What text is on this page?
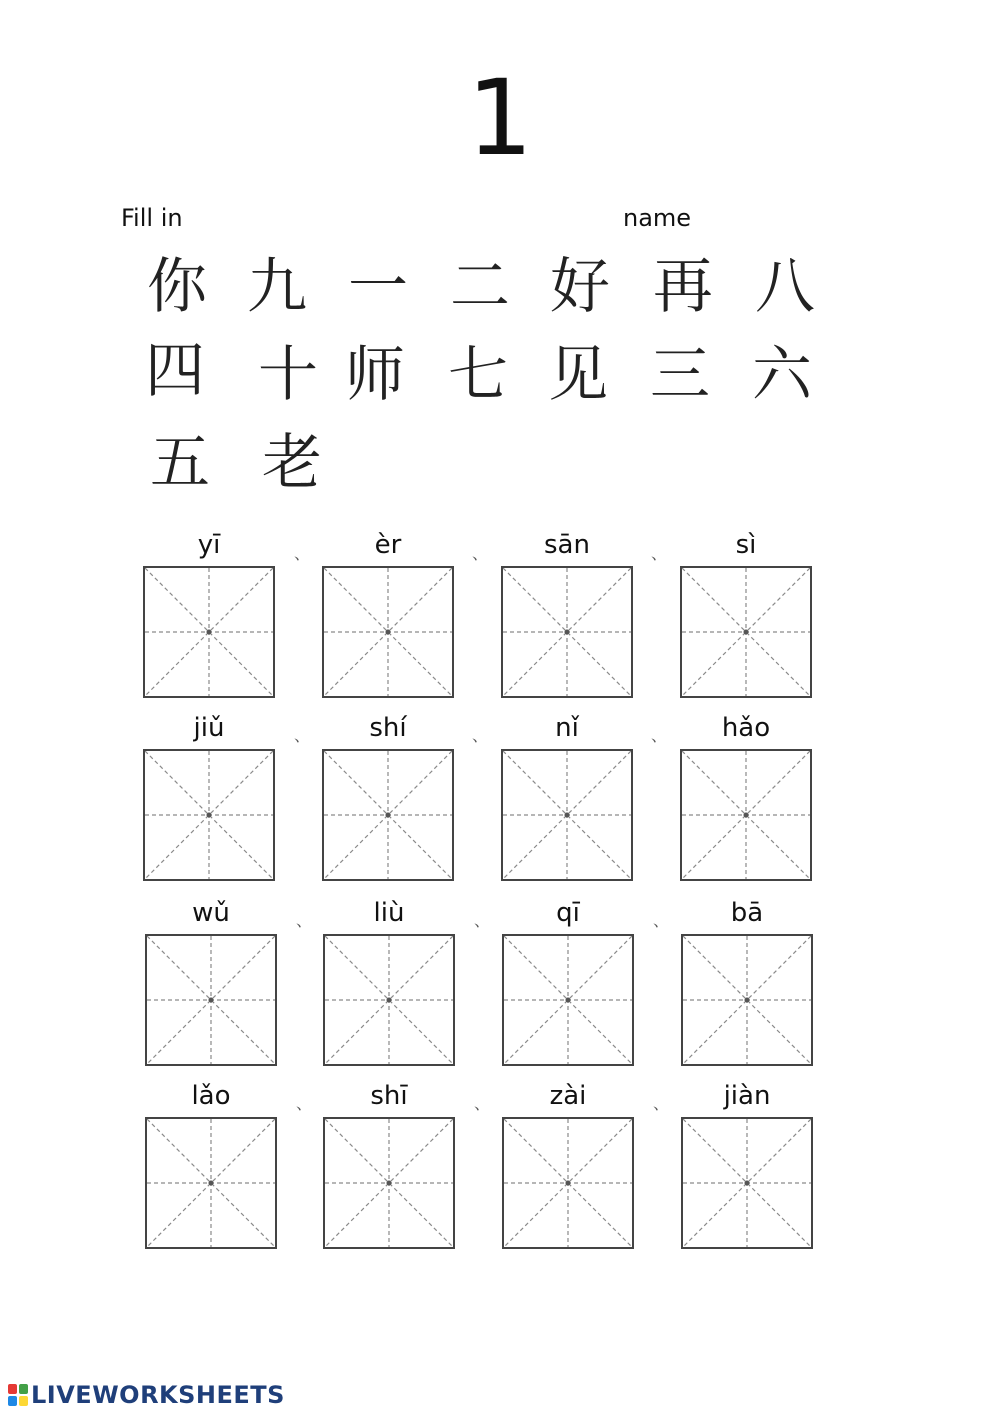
1
Fill in	name
你 九 一 二 好 再 八
四 十 师 七 见 三 六
五 老
yī	、	èr	、	sān	、	sì
jiǔ	、	shí	、	nǐ	、	hǎo
wǔ	、	liù	、	qī	、	bā
lǎo	、	shī	、	zài	、	jiàn
LIVEWORKSHEETS
